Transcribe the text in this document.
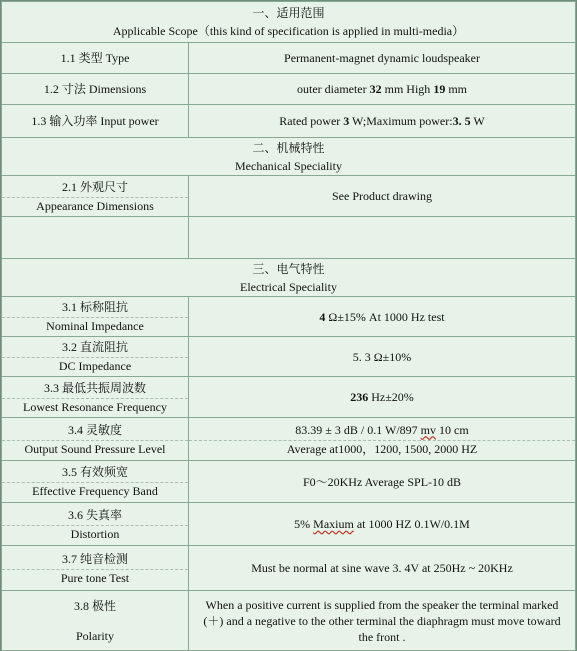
一、适用范围
Applicable Scope（this kind of specification is applied in multi-media）	

1.1 类型 Type	Permanent-magnet dynamic loudspeaker
1.2 寸法 Dimensions	outer diameter 32 mm High 19 mm
1.3 输入功率 Input power	Rated power 3 W;Maximum power:3. 5 W

二、机械特性
Mechanical Speciality	

2.1 外观尺寸
Appearance Dimensions	See Product drawing

三、电气特性
Electrical Speciality	

3.1 标称阻抗
Nominal Impedance	4 Ω±15% At 1000 Hz test

3.2 直流阻抗
DC Impedance	5. 3 Ω±10%

3.3 最低共振周波数
Lowest Resonance Frequency	236 Hz±20%

3.4 灵敏度
Output Sound Pressure Level	83.39 ± 3 dB / 0.1 W/897 mv 10 cm
Average at1000，1200, 1500, 2000 HZ

3.5 有效频宽
Effective Frequency Band	F0～20KHz Average SPL-10 dB

3.6 失真率
Distortion	5% Maxium at 1000 HZ 0.1W/0.1M

3.7 纯音检测
Pure tone Test	Must be normal at sine wave 3. 4V at 250Hz ~ 20KHz

3.8 极性
Polarity	When a positive current is supplied from the speaker the terminal marked (＋) and a negative to the other terminal the diaphragm must move toward the front .
